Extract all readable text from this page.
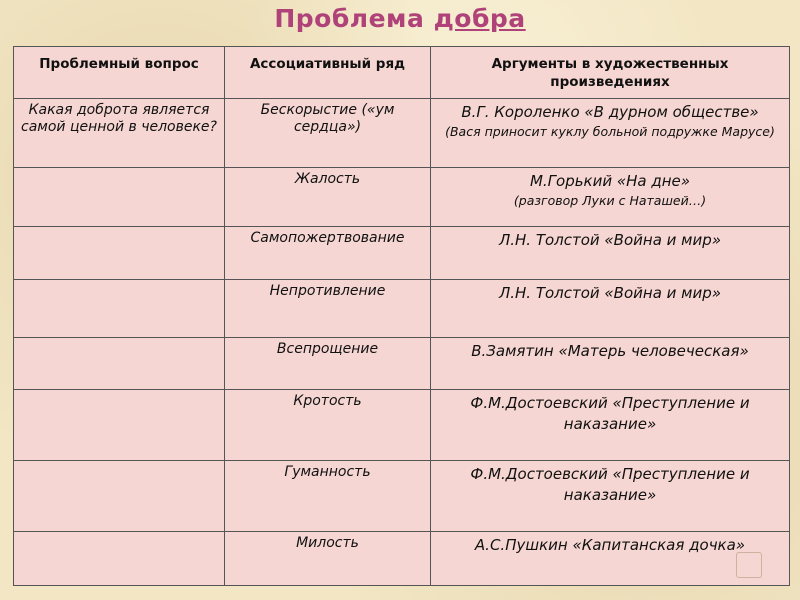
Проблема добра
Проблемный вопрос	Ассоциативный ряд	Аргументы в художественных произведениях
Какая доброта является самой ценной в человеке?	Бескорыстие («ум сердца»)	В.Г. Короленко «В дурном обществе»
(Вася приносит куклу больной подружке Марусе)

	Жалость	М.Горький «На дне»
(разговор Луки с Наташей…)

	Самопожертвование	Л.Н. Толстой «Война и мир»
	Непротивление	Л.Н. Толстой «Война и мир»
	Всепрощение	В.Замятин «Матерь человеческая»
	Кротость	Ф.М.Достоевский «Преступление и наказание»
	Гуманность	Ф.М.Достоевский «Преступление и наказание»
	Милость	А.С.Пушкин «Капитанская дочка»
